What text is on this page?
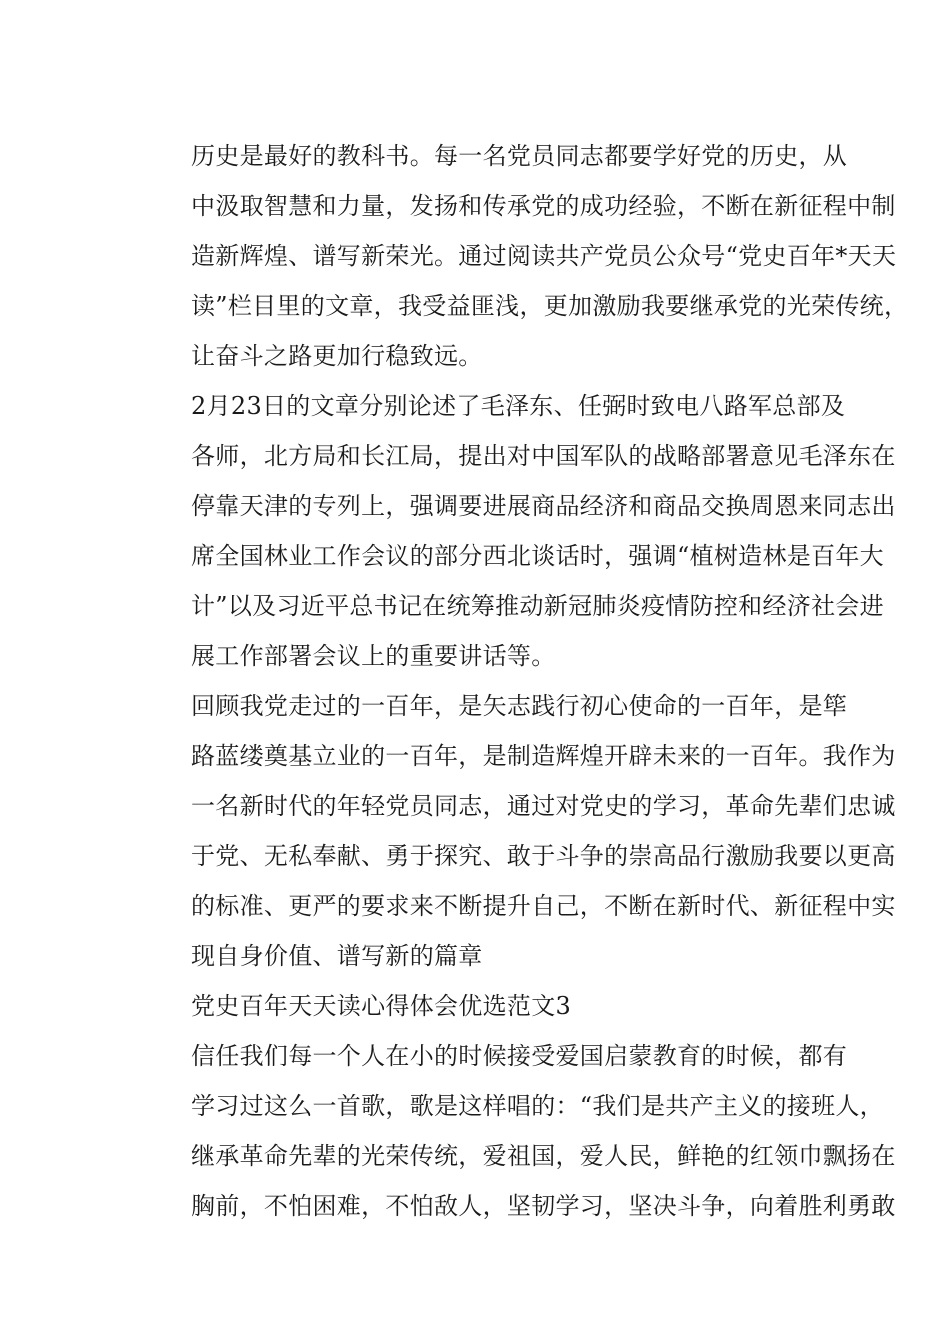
历史是最好的教科书。每一名党员同志都要学好党的历史，从
中汲取智慧和力量，发扬和传承党的成功经验，不断在新征程中制
造新辉煌、谱写新荣光。通过阅读共产党员公众号“党史百年*天天
读”栏目里的文章，我受益匪浅，更加激励我要继承党的光荣传统，
让奋斗之路更加行稳致远。

2月23日的文章分别论述了毛泽东、任弼时致电八路军总部及
各师，北方局和长江局，提出对中国军队的战略部署意见毛泽东在
停靠天津的专列上，强调要进展商品经济和商品交换周恩来同志出
席全国林业工作会议的部分西北谈话时，强调“植树造林是百年大
计”以及习近平总书记在统筹推动新冠肺炎疫情防控和经济社会进
展工作部署会议上的重要讲话等。

回顾我党走过的一百年，是矢志践行初心使命的一百年，是筚
路蓝缕奠基立业的一百年，是制造辉煌开辟未来的一百年。我作为
一名新时代的年轻党员同志，通过对党史的学习，革命先辈们忠诚
于党、无私奉献、勇于探究、敢于斗争的崇高品行激励我要以更高
的标准、更严的要求来不断提升自己，不断在新时代、新征程中实
现自身价值、谱写新的篇章

党史百年天天读心得体会优选范文3

信任我们每一个人在小的时候接受爱国启蒙教育的时候，都有
学习过这么一首歌，歌是这样唱的：“我们是共产主义的接班人，
继承革命先辈的光荣传统，爱祖国，爱人民，鲜艳的红领巾飘扬在
胸前，不怕困难，不怕敌人，坚韧学习，坚决斗争，向着胜利勇敢
